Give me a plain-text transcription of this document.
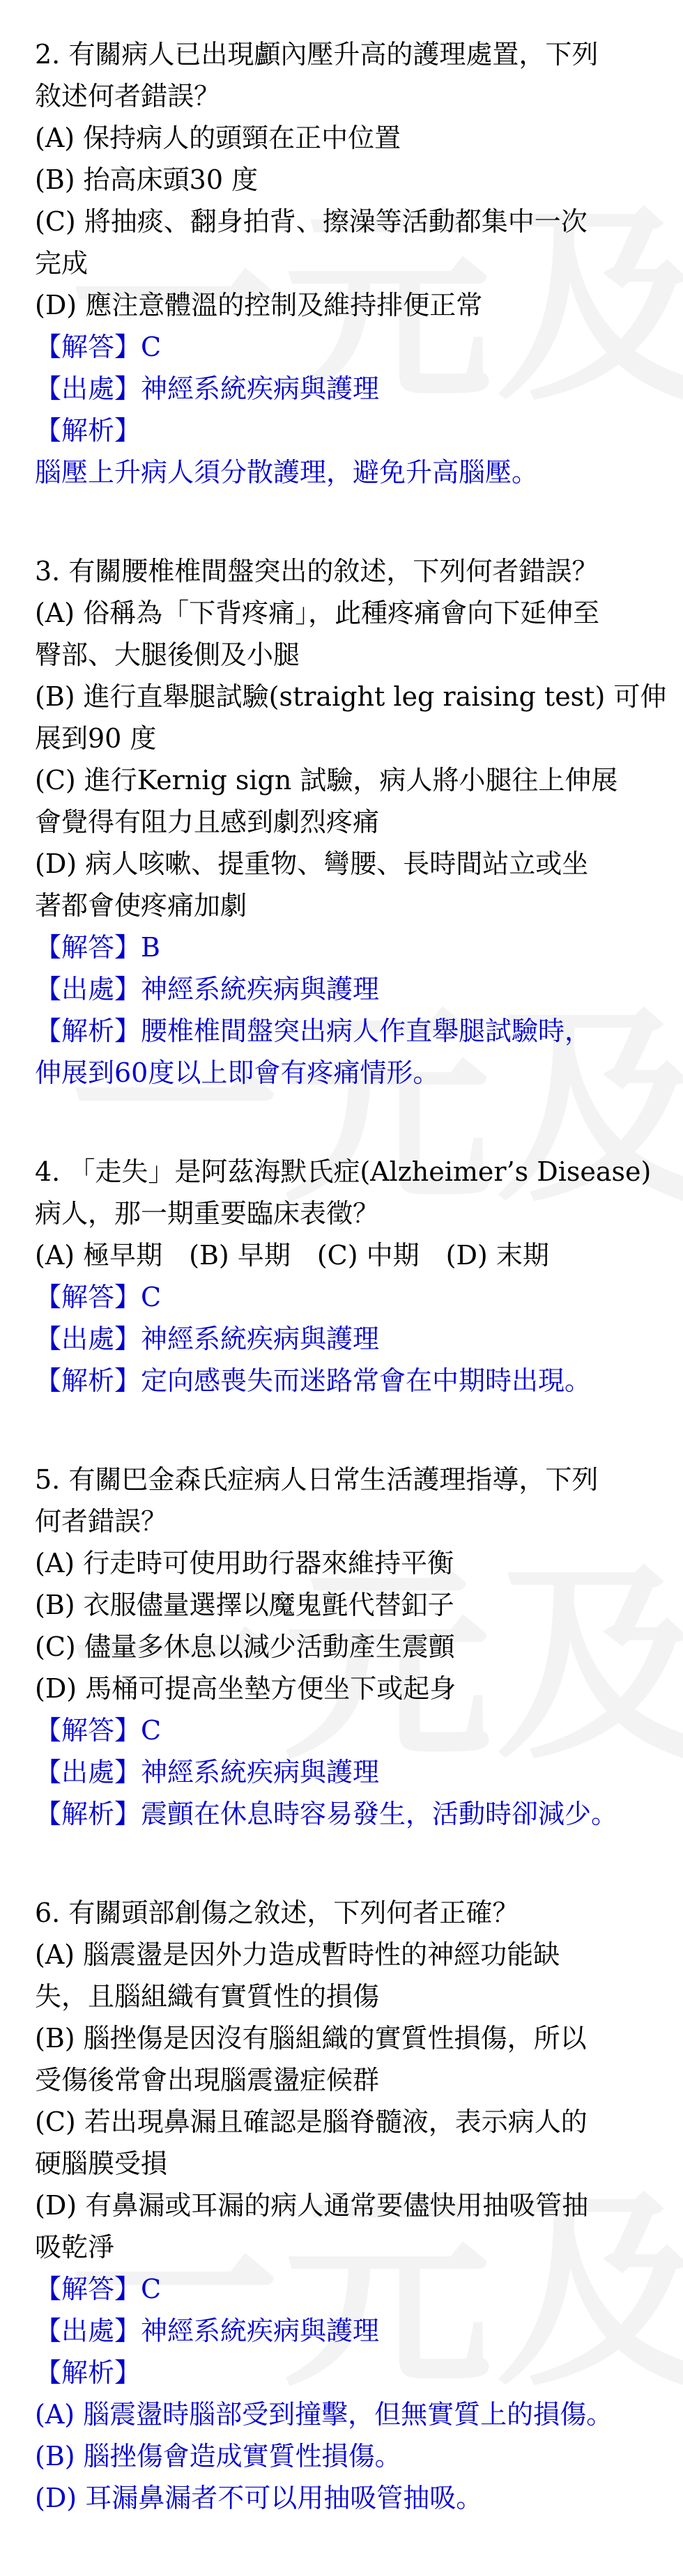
2. 有關病人已出現顱內壓升高的護理處置，下列
敘述何者錯誤？
(A) 保持病人的頭頸在正中位置
(B) 抬高床頭30 度
(C) 將抽痰、翻身拍背、擦澡等活動都集中一次
完成
(D) 應注意體溫的控制及維持排便正常
【解答】C
【出處】神經系統疾病與護理
【解析】
腦壓上升病人須分散護理，避免升高腦壓。
3. 有關腰椎椎間盤突出的敘述，下列何者錯誤？
(A) 俗稱為「下背疼痛」，此種疼痛會向下延伸至
臀部、大腿後側及小腿
(B) 進行直舉腿試驗(straight leg raising test) 可伸
展到90 度
(C) 進行Kernig sign 試驗，病人將小腿往上伸展
會覺得有阻力且感到劇烈疼痛
(D) 病人咳嗽、提重物、彎腰、長時間站立或坐
著都會使疼痛加劇
【解答】B
【出處】神經系統疾病與護理
【解析】腰椎椎間盤突出病人作直舉腿試驗時，
伸展到60度以上即會有疼痛情形。
4. 「走失」是阿茲海默氏症(Alzheimer’s Disease)
病人，那一期重要臨床表徵？
(A) 極早期　(B) 早期　(C) 中期　(D) 末期
【解答】C
【出處】神經系統疾病與護理
【解析】定向感喪失而迷路常會在中期時出現。
5. 有關巴金森氏症病人日常生活護理指導，下列
何者錯誤？
(A) 行走時可使用助行器來維持平衡
(B) 衣服儘量選擇以魔鬼氈代替釦子
(C) 儘量多休息以減少活動產生震顫
(D) 馬桶可提高坐墊方便坐下或起身
【解答】C
【出處】神經系統疾病與護理
【解析】震顫在休息時容易發生，活動時卻減少。
6. 有關頭部創傷之敘述，下列何者正確？
(A) 腦震盪是因外力造成暫時性的神經功能缺
失，且腦組織有實質性的損傷
(B) 腦挫傷是因沒有腦組織的實質性損傷，所以
受傷後常會出現腦震盪症候群
(C) 若出現鼻漏且確認是腦脊髓液，表示病人的
硬腦膜受損
(D) 有鼻漏或耳漏的病人通常要儘快用抽吸管抽
吸乾淨
【解答】C
【出處】神經系統疾病與護理
【解析】
(A) 腦震盪時腦部受到撞擊，但無實質上的損傷。
(B) 腦挫傷會造成實質性損傷。
(D) 耳漏鼻漏者不可以用抽吸管抽吸。
